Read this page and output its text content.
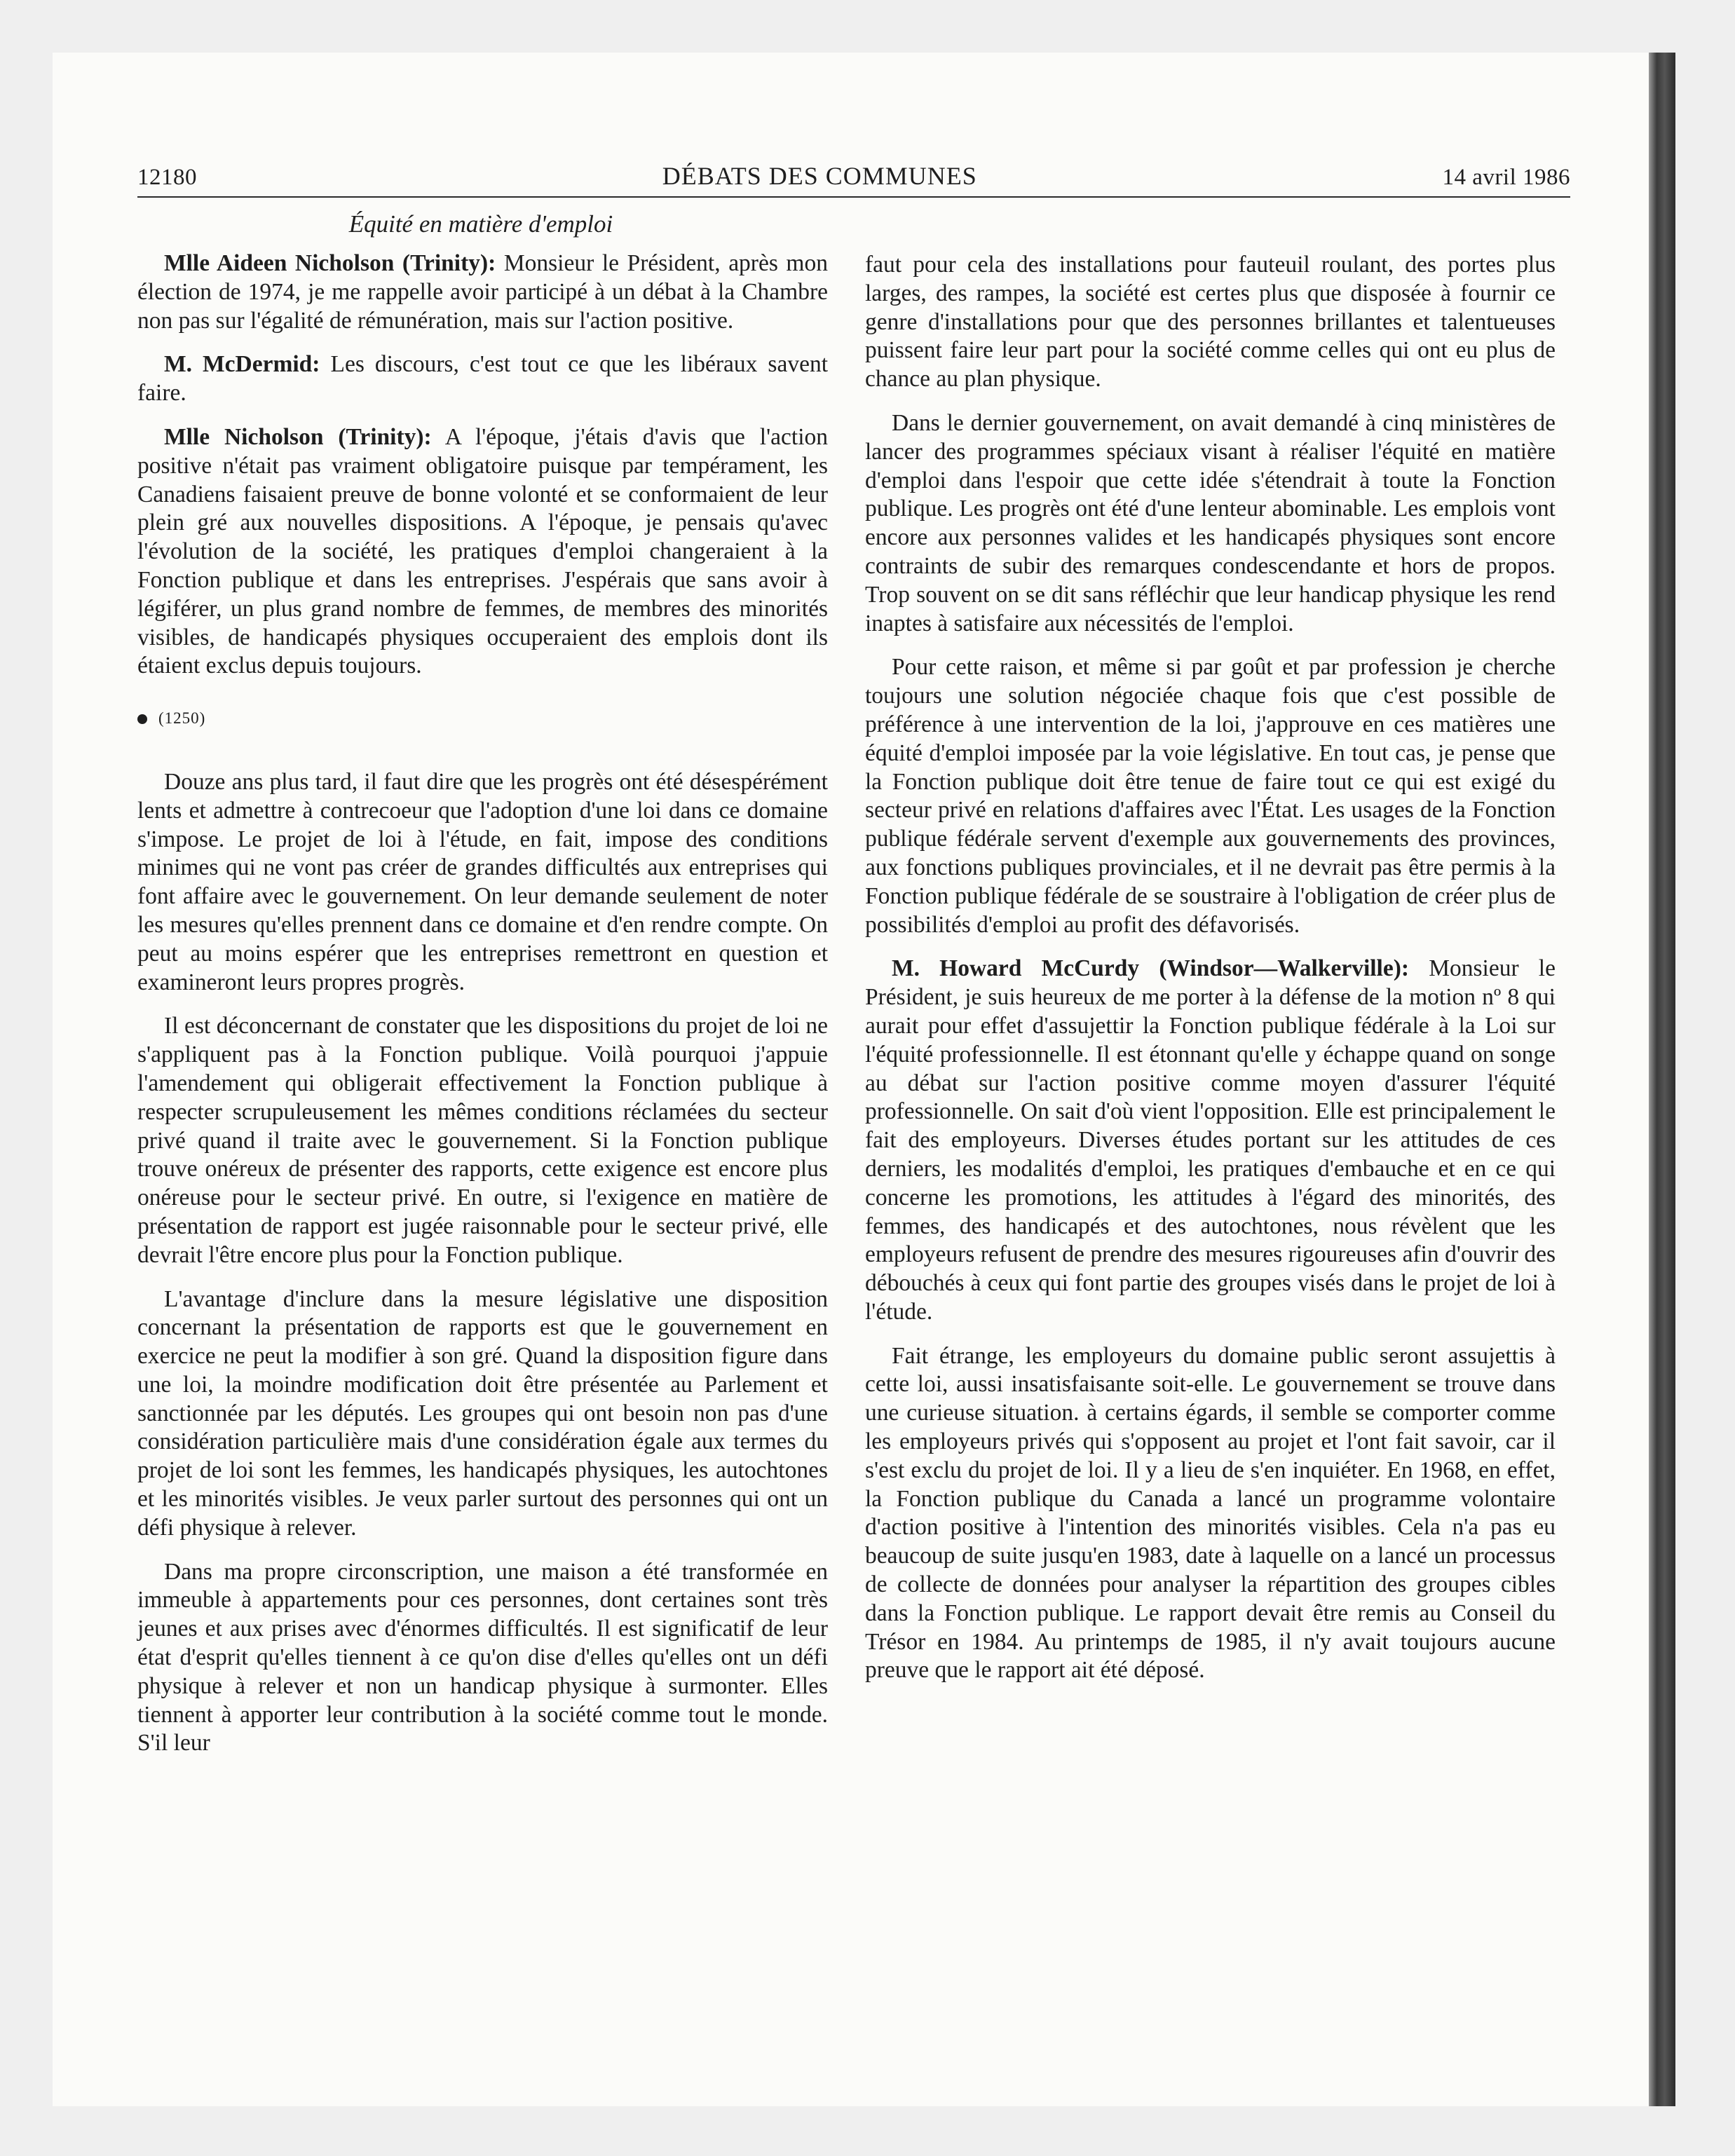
12180	DÉBATS DES COMMUNES	14 avril 1986
Équité en matière d'emploi

Mlle Aideen Nicholson (Trinity): Monsieur le Président, après mon élection de 1974, je me rappelle avoir participé à un débat à la Chambre non pas sur l'égalité de rémunération, mais sur l'action positive.

M. McDermid: Les discours, c'est tout ce que les libéraux savent faire.

Mlle Nicholson (Trinity): A l'époque, j'étais d'avis que l'action positive n'était pas vraiment obligatoire puisque par tempérament, les Canadiens faisaient preuve de bonne volonté et se conformaient de leur plein gré aux nouvelles dispositions. A l'époque, je pensais qu'avec l'évolution de la société, les pratiques d'emploi changeraient à la Fonction publique et dans les entreprises. J'espérais que sans avoir à légiférer, un plus grand nombre de femmes, de membres des minorités visibles, de handicapés physiques occuperaient des emplois dont ils étaient exclus depuis toujours.

(1250)

Douze ans plus tard, il faut dire que les progrès ont été désespérément lents et admettre à contrecoeur que l'adoption d'une loi dans ce domaine s'impose. Le projet de loi à l'étude, en fait, impose des conditions minimes qui ne vont pas créer de grandes difficultés aux entreprises qui font affaire avec le gouvernement. On leur demande seulement de noter les mesures qu'elles prennent dans ce domaine et d'en rendre compte. On peut au moins espérer que les entreprises remettront en question et examineront leurs propres progrès.

Il est déconcernant de constater que les dispositions du projet de loi ne s'appliquent pas à la Fonction publique. Voilà pourquoi j'appuie l'amendement qui obligerait effectivement la Fonction publique à respecter scrupuleusement les mêmes conditions réclamées du secteur privé quand il traite avec le gouvernement. Si la Fonction publique trouve onéreux de présenter des rapports, cette exigence est encore plus onéreuse pour le secteur privé. En outre, si l'exigence en matière de présentation de rapport est jugée raisonnable pour le secteur privé, elle devrait l'être encore plus pour la Fonction publique.

L'avantage d'inclure dans la mesure législative une disposition concernant la présentation de rapports est que le gouvernement en exercice ne peut la modifier à son gré. Quand la disposition figure dans une loi, la moindre modification doit être présentée au Parlement et sanctionnée par les députés. Les groupes qui ont besoin non pas d'une considération particulière mais d'une considération égale aux termes du projet de loi sont les femmes, les handicapés physiques, les autochtones et les minorités visibles. Je veux parler surtout des personnes qui ont un défi physique à relever.

Dans ma propre circonscription, une maison a été transformée en immeuble à appartements pour ces personnes, dont certaines sont très jeunes et aux prises avec d'énormes difficultés. Il est significatif de leur état d'esprit qu'elles tiennent à ce qu'on dise d'elles qu'elles ont un défi physique à relever et non un handicap physique à surmonter. Elles tiennent à apporter leur contribution à la société comme tout le monde. S'il leur

faut pour cela des installations pour fauteuil roulant, des portes plus larges, des rampes, la société est certes plus que disposée à fournir ce genre d'installations pour que des personnes brillantes et talentueuses puissent faire leur part pour la société comme celles qui ont eu plus de chance au plan physique.

Dans le dernier gouvernement, on avait demandé à cinq ministères de lancer des programmes spéciaux visant à réaliser l'équité en matière d'emploi dans l'espoir que cette idée s'étendrait à toute la Fonction publique. Les progrès ont été d'une lenteur abominable. Les emplois vont encore aux personnes valides et les handicapés physiques sont encore contraints de subir des remarques condescendante et hors de propos. Trop souvent on se dit sans réfléchir que leur handicap physique les rend inaptes à satisfaire aux nécessités de l'emploi.

Pour cette raison, et même si par goût et par profession je cherche toujours une solution négociée chaque fois que c'est possible de préférence à une intervention de la loi, j'approuve en ces matières une équité d'emploi imposée par la voie législative. En tout cas, je pense que la Fonction publique doit être tenue de faire tout ce qui est exigé du secteur privé en relations d'affaires avec l'État. Les usages de la Fonction publique fédérale servent d'exemple aux gouvernements des provinces, aux fonctions publiques provinciales, et il ne devrait pas être permis à la Fonction publique fédérale de se soustraire à l'obligation de créer plus de possibilités d'emploi au profit des défavorisés.

M. Howard McCurdy (Windsor—Walkerville): Monsieur le Président, je suis heureux de me porter à la défense de la motion nº 8 qui aurait pour effet d'assujettir la Fonction publique fédérale à la Loi sur l'équité professionnelle. Il est étonnant qu'elle y échappe quand on songe au débat sur l'action positive comme moyen d'assurer l'équité professionnelle. On sait d'où vient l'opposition. Elle est principalement le fait des employeurs. Diverses études portant sur les attitudes de ces derniers, les modalités d'emploi, les pratiques d'embauche et en ce qui concerne les promotions, les attitudes à l'égard des minorités, des femmes, des handicapés et des autochtones, nous révèlent que les employeurs refusent de prendre des mesures rigoureuses afin d'ouvrir des débouchés à ceux qui font partie des groupes visés dans le projet de loi à l'étude.

Fait étrange, les employeurs du domaine public seront assujettis à cette loi, aussi insatisfaisante soit-elle. Le gouvernement se trouve dans une curieuse situation. à certains égards, il semble se comporter comme les employeurs privés qui s'opposent au projet et l'ont fait savoir, car il s'est exclu du projet de loi. Il y a lieu de s'en inquiéter. En 1968, en effet, la Fonction publique du Canada a lancé un programme volontaire d'action positive à l'intention des minorités visibles. Cela n'a pas eu beaucoup de suite jusqu'en 1983, date à laquelle on a lancé un processus de collecte de données pour analyser la répartition des groupes cibles dans la Fonction publique. Le rapport devait être remis au Conseil du Trésor en 1984. Au printemps de 1985, il n'y avait toujours aucune preuve que le rapport ait été déposé.
